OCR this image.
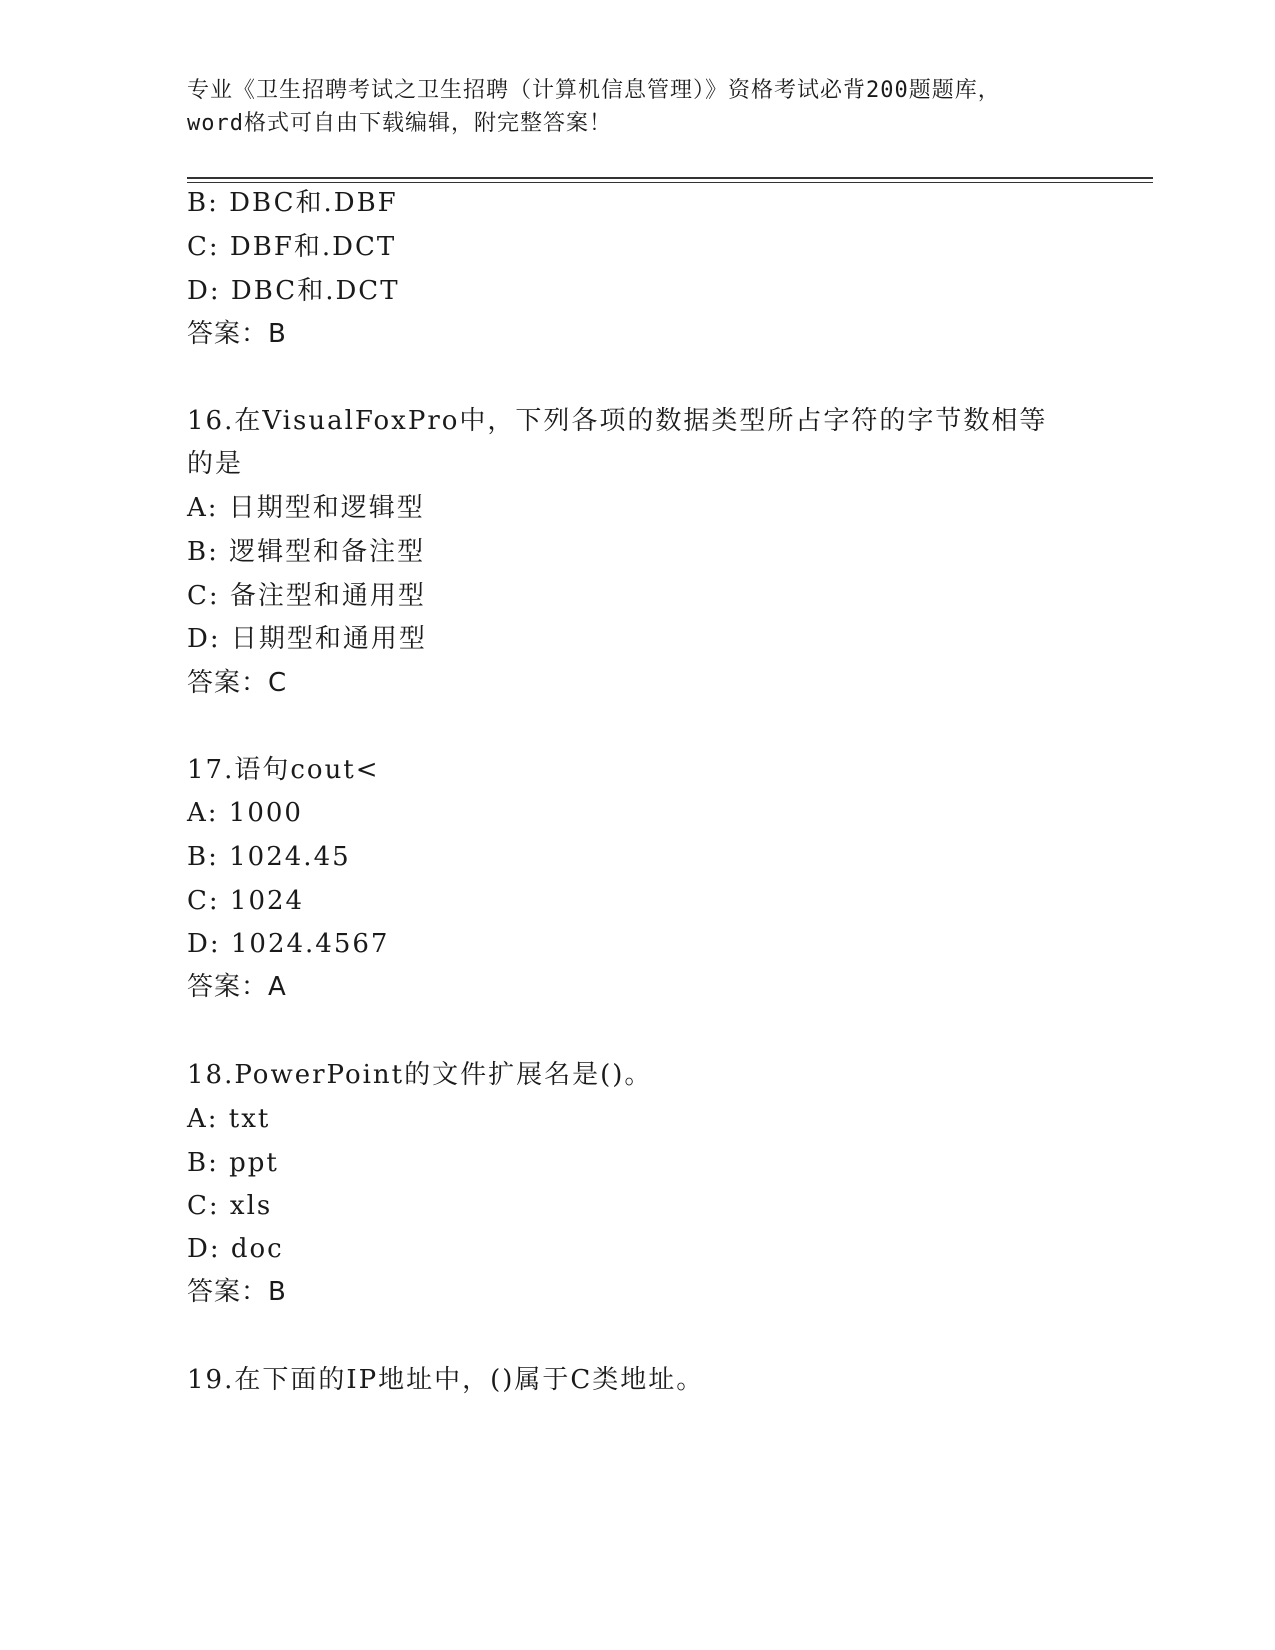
专业《卫生招聘考试之卫生招聘（计算机信息管理）》资格考试必背200题题库，
word格式可自由下载编辑，附完整答案！
B: DBC和.DBF
C: DBF和.DCT
D: DBC和.DCT
答案：B
16.在VisualFoxPro中，下列各项的数据类型所占字符的字节数相等
的是
A: 日期型和逻辑型
B: 逻辑型和备注型
C: 备注型和通用型
D: 日期型和通用型
答案：C
17.语句cout<
A: 1000
B: 1024.45
C: 1024
D: 1024.4567
答案：A
18.PowerPoint的文件扩展名是()。
A: txt
B: ppt
C: xls
D: doc
答案：B
19.在下面的IP地址中，()属于C类地址。
